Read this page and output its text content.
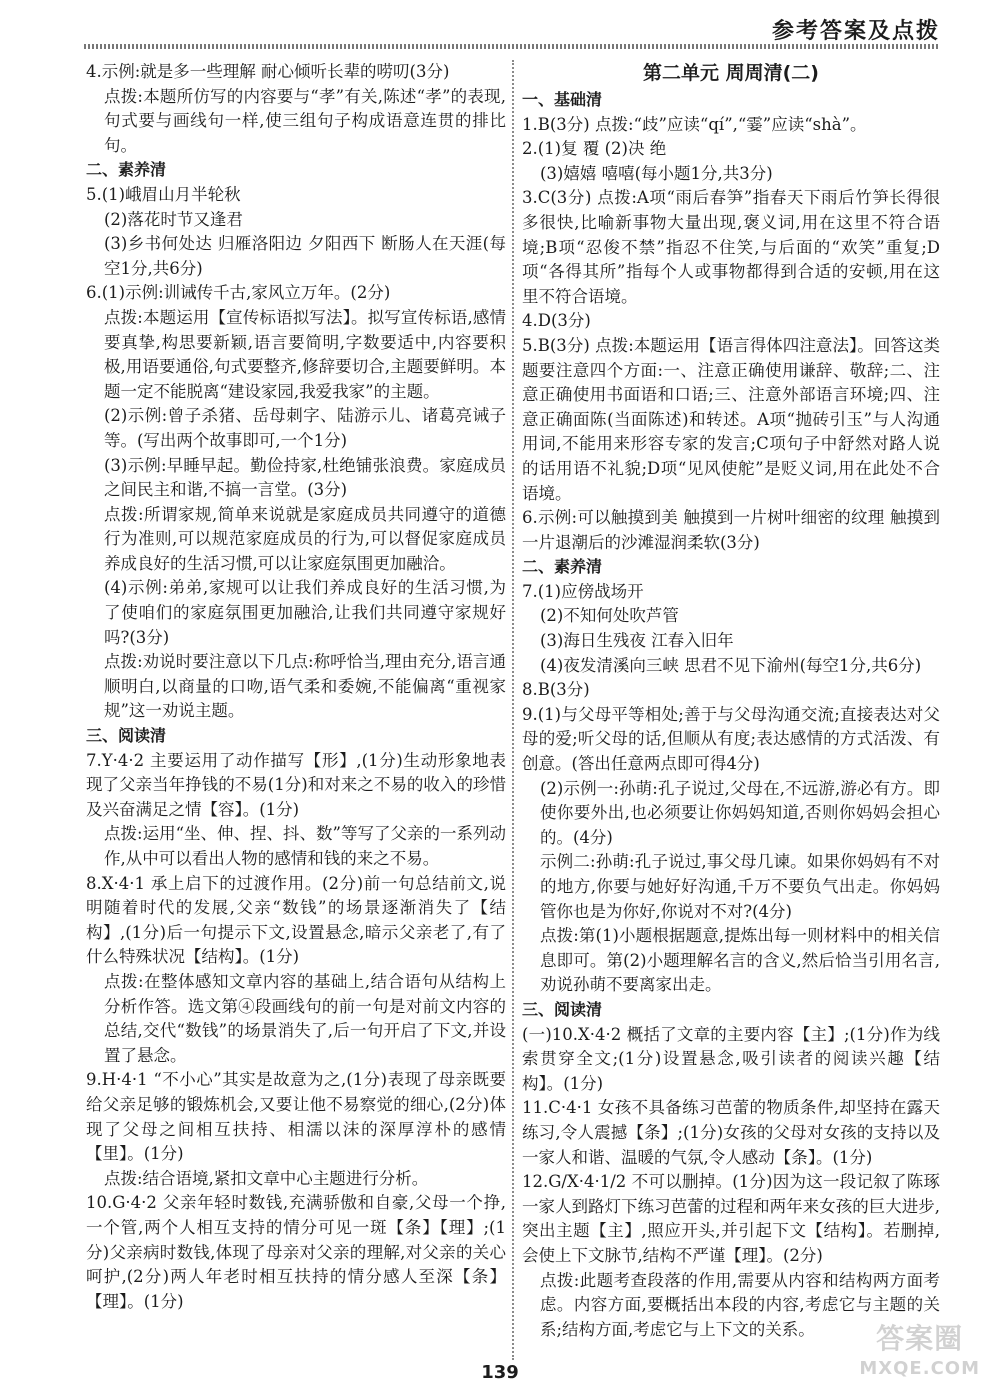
参考答案及点拨

4.示例:就是多一些理解 耐心倾听长辈的唠叨(3分)

点拨:本题所仿写的内容要与“孝”有关,陈述“孝”的表现,句式要与画线句一样,使三组句子构成语意连贯的排比句。

二、素养清

5.(1)峨眉山月半轮秋

(2)落花时节又逢君

(3)乡书何处达 归雁洛阳边 夕阳西下 断肠人在天涯(每空1分,共6分)

6.(1)示例:训诫传千古,家风立万年。(2分)

点拨:本题运用【宣传标语拟写法】。拟写宣传标语,感情要真挚,构思要新颖,语言要简明,字数要适中,内容要积极,用语要通俗,句式要整齐,修辞要切合,主题要鲜明。本题一定不能脱离“建设家园,我爱我家”的主题。

(2)示例:曾子杀猪、岳母刺字、陆游示儿、诸葛亮诫子等。(写出两个故事即可,一个1分)

(3)示例:早睡早起。勤俭持家,杜绝铺张浪费。家庭成员之间民主和谐,不搞一言堂。(3分)

点拨:所谓家规,简单来说就是家庭成员共同遵守的道德行为准则,可以规范家庭成员的行为,可以督促家庭成员养成良好的生活习惯,可以让家庭氛围更加融洽。

(4)示例:弟弟,家规可以让我们养成良好的生活习惯,为了使咱们的家庭氛围更加融洽,让我们共同遵守家规好吗?(3分)

点拨:劝说时要注意以下几点:称呼恰当,理由充分,语言通顺明白,以商量的口吻,语气柔和委婉,不能偏离“重视家规”这一劝说主题。

三、阅读清

7.Y·4·2 主要运用了动作描写【形】,(1分)生动形象地表现了父亲当年挣钱的不易(1分)和对来之不易的收入的珍惜及兴奋满足之情【容】。(1分)

点拨:运用“坐、伸、捏、抖、数”等写了父亲的一系列动作,从中可以看出人物的感情和钱的来之不易。

8.X·4·1 承上启下的过渡作用。(2分)前一句总结前文,说明随着时代的发展,父亲“数钱”的场景逐渐消失了【结构】,(1分)后一句提示下文,设置悬念,暗示父亲老了,有了什么特殊状况【结构】。(1分)

点拨:在整体感知文章内容的基础上,结合语句从结构上分析作答。选文第④段画线句的前一句是对前文内容的总结,交代“数钱”的场景消失了,后一句开启了下文,并设置了悬念。

9.H·4·1 “不小心”其实是故意为之,(1分)表现了母亲既要给父亲足够的锻炼机会,又要让他不易察觉的细心,(2分)体现了父母之间相互扶持、相濡以沫的深厚淳朴的感情【里】。(1分)

点拨:结合语境,紧扣文章中心主题进行分析。

10.G·4·2 父亲年轻时数钱,充满骄傲和自豪,父母一个挣,一个管,两个人相互支持的情分可见一斑【条】【理】;(1分)父亲病时数钱,体现了母亲对父亲的理解,对父亲的关心呵护,(2分)两人年老时相互扶持的情分感人至深【条】【理】。(1分)

第二单元 周周清(二)

一、基础清

1.B(3分) 点拨:“歧”应读“qí”,“霎”应读“shà”。

2.(1)复 覆 (2)决 绝

(3)嬉嬉 嘻嘻(每小题1分,共3分)

3.C(3分) 点拨:A项“雨后春笋”指春天下雨后竹笋长得很多很快,比喻新事物大量出现,褒义词,用在这里不符合语境;B项“忍俊不禁”指忍不住笑,与后面的“欢笑”重复;D项“各得其所”指每个人或事物都得到合适的安顿,用在这里不符合语境。

4.D(3分)

5.B(3分) 点拨:本题运用【语言得体四注意法】。回答这类题要注意四个方面:一、注意正确使用谦辞、敬辞;二、注意正确使用书面语和口语;三、注意外部语言环境;四、注意正确面陈(当面陈述)和转述。A项“抛砖引玉”与人沟通用词,不能用来形容专家的发言;C项句子中舒然对路人说的话用语不礼貌;D项“见风使舵”是贬义词,用在此处不合语境。

6.示例:可以触摸到美 触摸到一片树叶细密的纹理 触摸到一片退潮后的沙滩湿润柔软(3分)

二、素养清

7.(1)应傍战场开

(2)不知何处吹芦管

(3)海日生残夜 江春入旧年

(4)夜发清溪向三峡 思君不见下渝州(每空1分,共6分)

8.B(3分)

9.(1)与父母平等相处;善于与父母沟通交流;直接表达对父母的爱;听父母的话,但顺从有度;表达感情的方式活泼、有创意。(答出任意两点即可得4分)

(2)示例一:孙萌:孔子说过,父母在,不远游,游必有方。即使你要外出,也必须要让你妈妈知道,否则你妈妈会担心的。(4分)

示例二:孙萌:孔子说过,事父母几谏。如果你妈妈有不对的地方,你要与她好好沟通,千万不要负气出走。你妈妈管你也是为你好,你说对不对?(4分)

点拨:第(1)小题根据题意,提炼出每一则材料中的相关信息即可。第(2)小题理解名言的含义,然后恰当引用名言,劝说孙萌不要离家出走。

三、阅读清

(一)10.X·4·2 概括了文章的主要内容【主】;(1分)作为线索贯穿全文;(1分)设置悬念,吸引读者的阅读兴趣【结构】。(1分)

11.C·4·1 女孩不具备练习芭蕾的物质条件,却坚持在露天练习,令人震撼【条】;(1分)女孩的父母对女孩的支持以及一家人和谐、温暖的气氛,令人感动【条】。(1分)

12.G/X·4·1/2 不可以删掉。(1分)因为这一段记叙了陈琢一家人到路灯下练习芭蕾的过程和两年来女孩的巨大进步,突出主题【主】,照应开头,并引起下文【结构】。若删掉,会使上下文脉节,结构不严谨【理】。(2分)

点拨:此题考查段落的作用,需要从内容和结构两方面考虑。内容方面,要概括出本段的内容,考虑它与主题的关系;结构方面,考虑它与上下文的关系。

139
答案圈
MXQE.COM
